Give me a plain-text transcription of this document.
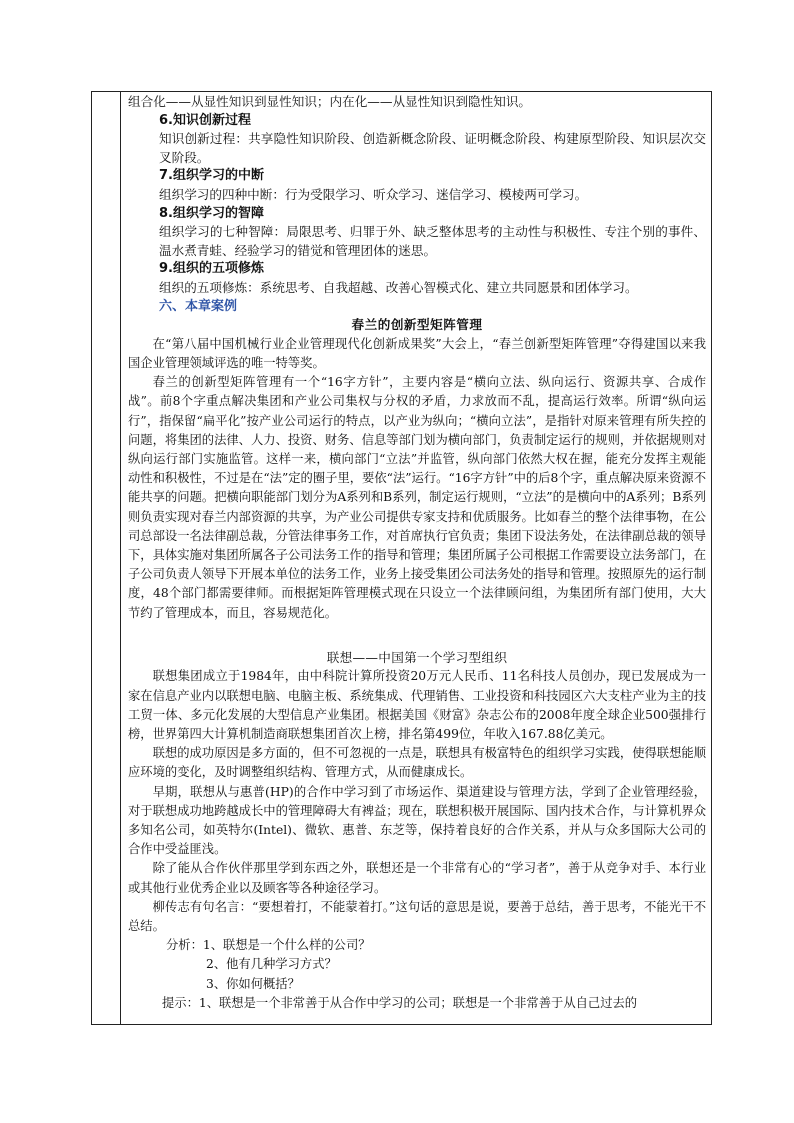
组合化——从显性知识到显性知识；内在化——从显性知识到隐性知识。

6.知识创新过程

知识创新过程：共享隐性知识阶段、创造新概念阶段、证明概念阶段、构建原型阶段、知识层次交叉阶段。

7.组织学习的中断

组织学习的四种中断：行为受限学习、听众学习、迷信学习、模棱两可学习。

8.组织学习的智障

组织学习的七种智障：局限思考、归罪于外、缺乏整体思考的主动性与积极性、专注个别的事件、温水煮青蛙、经验学习的错觉和管理团体的迷思。

9.组织的五项修炼

组织的五项修炼：系统思考、自我超越、改善心智模式化、建立共同愿景和团体学习。

六、本章案例

春兰的创新型矩阵管理

在“第八届中国机械行业企业管理现代化创新成果奖”大会上，“春兰创新型矩阵管理”夺得建国以来我国企业管理领域评选的唯一特等奖。

春兰的创新型矩阵管理有一个“16字方针”，主要内容是“横向立法、纵向运行、资源共享、合成作战”。前8个字重点解决集团和产业公司集权与分权的矛盾，力求放而不乱，提高运行效率。所谓“纵向运行”，指保留“扁平化”按产业公司运行的特点，以产业为纵向；“横向立法”，是指针对原来管理有所失控的问题，将集团的法律、人力、投资、财务、信息等部门划为横向部门，负责制定运行的规则，并依据规则对纵向运行部门实施监管。这样一来，横向部门“立法”并监管，纵向部门依然大权在握，能充分发挥主观能动性和积极性，不过是在“法”定的圈子里，要依“法”运行。“16字方针”中的后8个字，重点解决原来资源不能共享的问题。把横向职能部门划分为A系列和B系列，制定运行规则，“立法”的是横向中的A系列；B系列则负责实现对春兰内部资源的共享，为产业公司提供专家支持和优质服务。比如春兰的整个法律事物，在公司总部设一名法律副总裁，分管法律事务工作，对首席执行官负责；集团下设法务处，在法律副总裁的领导下，具体实施对集团所属各子公司法务工作的指导和管理；集团所属子公司根据工作需要设立法务部门，在子公司负责人领导下开展本单位的法务工作，业务上接受集团公司法务处的指导和管理。按照原先的运行制度，48个部门都需要律师。而根据矩阵管理模式现在只设立一个法律顾问组，为集团所有部门使用，大大节约了管理成本，而且，容易规范化。

联想——中国第一个学习型组织

联想集团成立于1984年，由中科院计算所投资20万元人民币、11名科技人员创办，现已发展成为一家在信息产业内以联想电脑、电脑主板、系统集成、代理销售、工业投资和科技园区六大支柱产业为主的技工贸一体、多元化发展的大型信息产业集团。根据美国《财富》杂志公布的2008年度全球企业500强排行榜，世界第四大计算机制造商联想集团首次上榜，排名第499位，年收入167.88亿美元。

联想的成功原因是多方面的，但不可忽视的一点是，联想具有极富特色的组织学习实践，使得联想能顺应环境的变化，及时调整组织结构、管理方式，从而健康成长。

早期，联想从与惠普(HP)的合作中学习到了市场运作、渠道建设与管理方法，学到了企业管理经验，对于联想成功地跨越成长中的管理障碍大有裨益；现在，联想积极开展国际、国内技术合作，与计算机界众多知名公司，如英特尔(Intel)、微软、惠普、东芝等，保持着良好的合作关系，并从与众多国际大公司的合作中受益匪浅。

除了能从合作伙伴那里学到东西之外，联想还是一个非常有心的“学习者”，善于从竞争对手、本行业或其他行业优秀企业以及顾客等各种途径学习。

柳传志有句名言：“要想着打，不能蒙着打。”这句话的意思是说，要善于总结，善于思考，不能光干不总结。

分析：1、联想是一个什么样的公司？

2、他有几种学习方式？

3、你如何概括？

提示：1、联想是一个非常善于从合作中学习的公司；联想是一个非常善于从自己过去的
